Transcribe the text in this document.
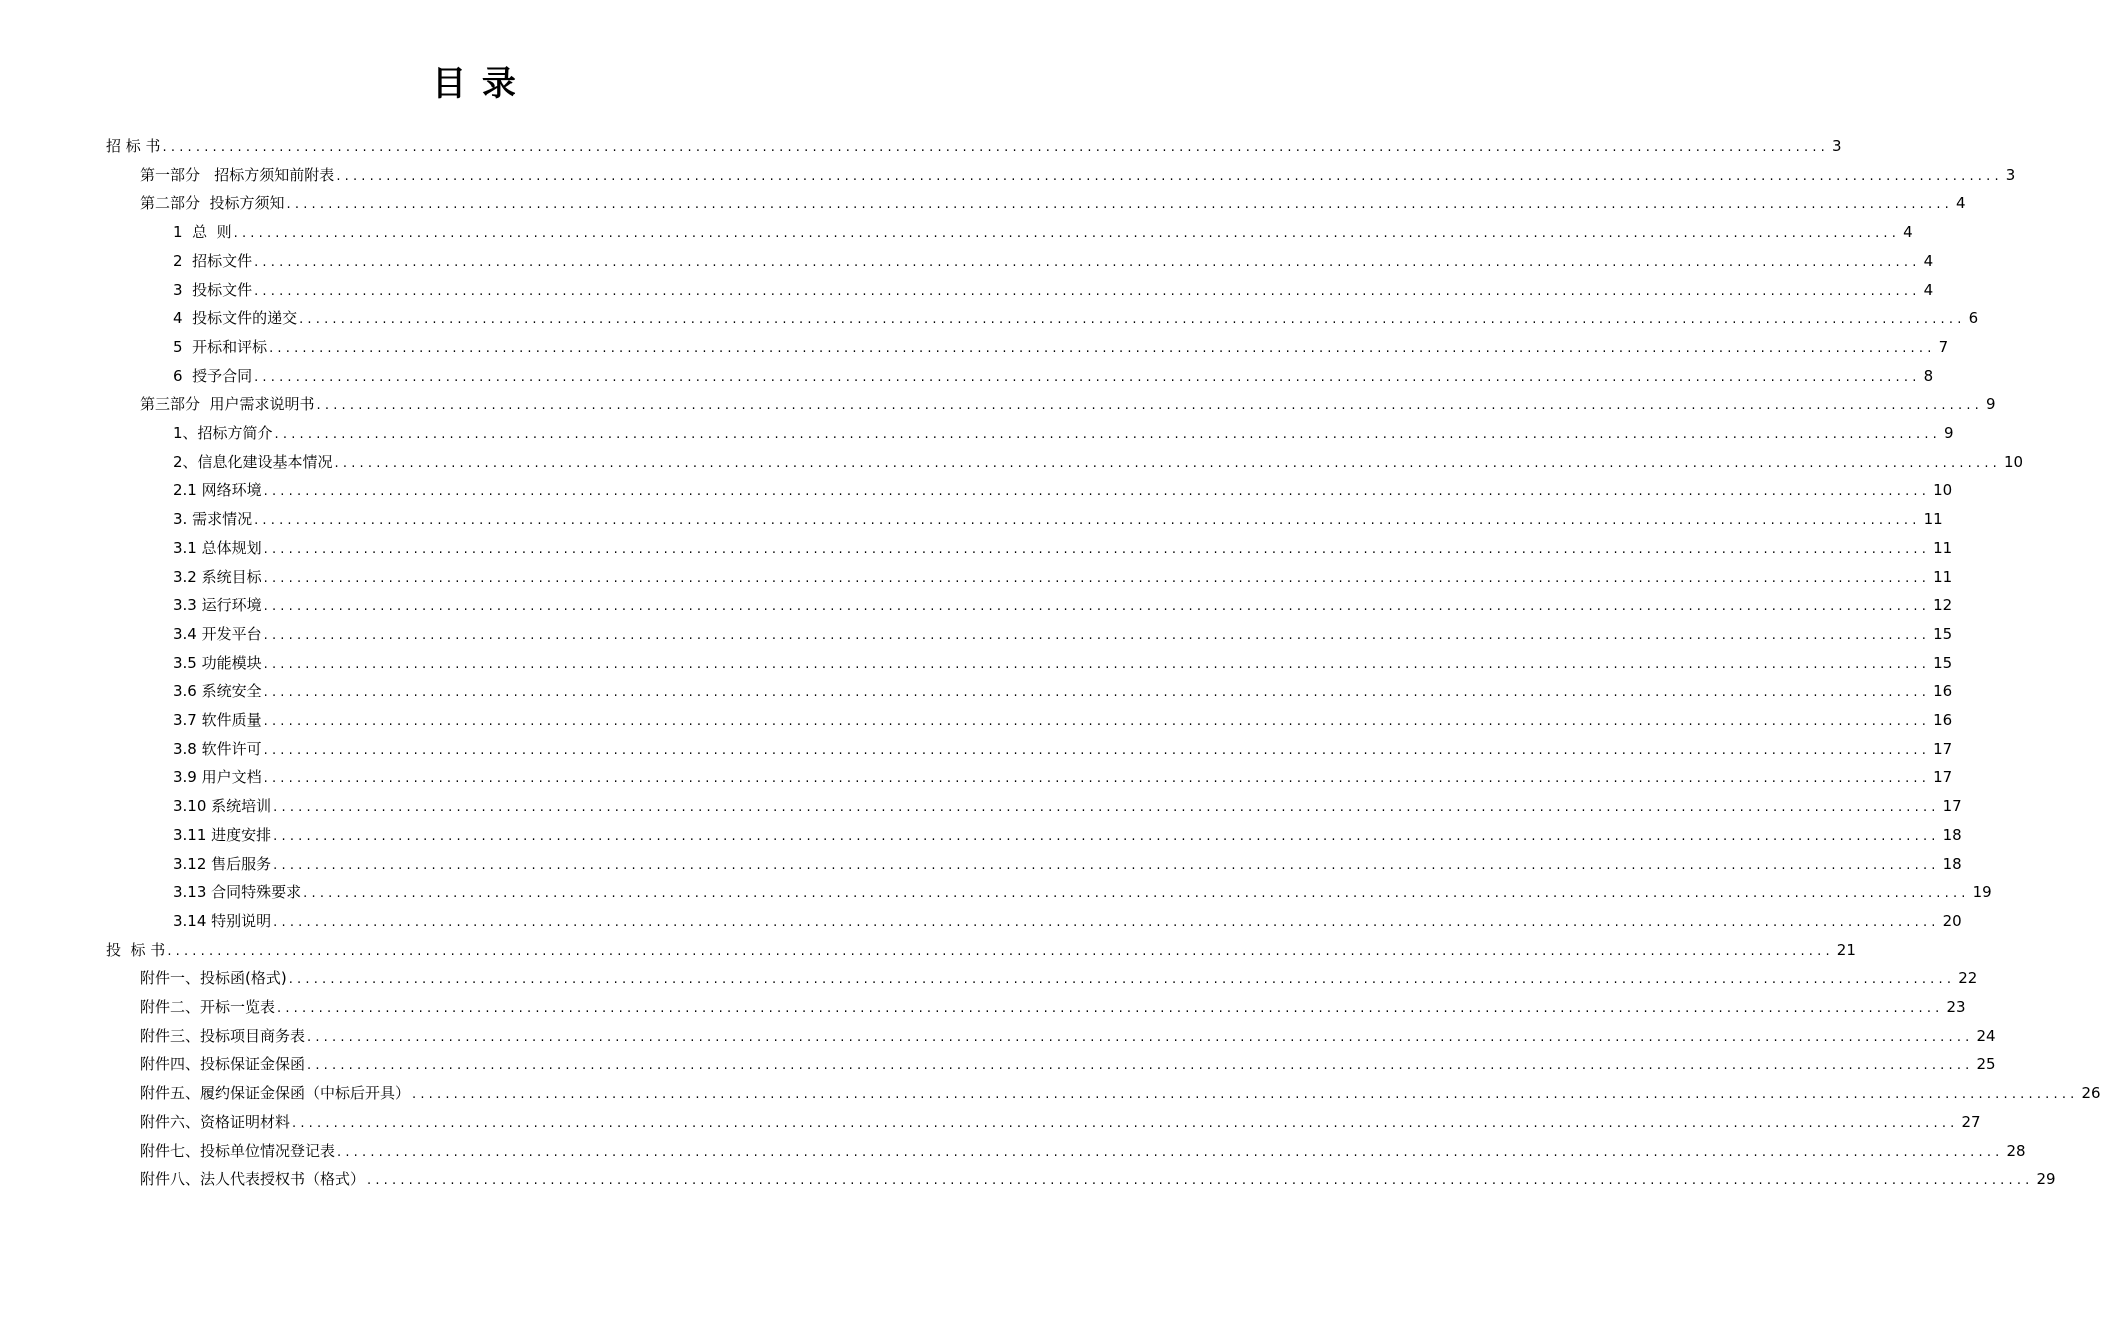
目 录
招 标 书 ........................................................................................................................................................................................................ 3
第一部分   招标方须知前附表 ........................................................................................................................................................................................................ 3
第二部分  投标方须知 ........................................................................................................................................................................................................ 4
1  总  则 ........................................................................................................................................................................................................ 4
2  招标文件 ........................................................................................................................................................................................................ 4
3  投标文件 ........................................................................................................................................................................................................ 4
4  投标文件的递交 ........................................................................................................................................................................................................ 6
5  开标和评标 ........................................................................................................................................................................................................ 7
6  授予合同 ........................................................................................................................................................................................................ 8
第三部分  用户需求说明书 ........................................................................................................................................................................................................ 9
1、招标方简介 ........................................................................................................................................................................................................ 9
2、信息化建设基本情况 ........................................................................................................................................................................................................ 10
2.1 网络环境 ........................................................................................................................................................................................................ 10
3. 需求情况 ........................................................................................................................................................................................................ 11
3.1 总体规划 ........................................................................................................................................................................................................ 11
3.2 系统目标 ........................................................................................................................................................................................................ 11
3.3 运行环境 ........................................................................................................................................................................................................ 12
3.4 开发平台 ........................................................................................................................................................................................................ 15
3.5 功能模块 ........................................................................................................................................................................................................ 15
3.6 系统安全 ........................................................................................................................................................................................................ 16
3.7 软件质量 ........................................................................................................................................................................................................ 16
3.8 软件许可 ........................................................................................................................................................................................................ 17
3.9 用户文档 ........................................................................................................................................................................................................ 17
3.10 系统培训 ........................................................................................................................................................................................................ 17
3.11 进度安排 ........................................................................................................................................................................................................ 18
3.12 售后服务 ........................................................................................................................................................................................................ 18
3.13 合同特殊要求 ........................................................................................................................................................................................................ 19
3.14 特别说明 ........................................................................................................................................................................................................ 20
投  标 书 ........................................................................................................................................................................................................ 21
附件一、投标函(格式) ........................................................................................................................................................................................................ 22
附件二、开标一览表 ........................................................................................................................................................................................................ 23
附件三、投标项目商务表 ........................................................................................................................................................................................................ 24
附件四、投标保证金保函 ........................................................................................................................................................................................................ 25
附件五、履约保证金保函（中标后开具） ........................................................................................................................................................................................................ 26
附件六、资格证明材料 ........................................................................................................................................................................................................ 27
附件七、投标单位情况登记表 ........................................................................................................................................................................................................ 28
附件八、法人代表授权书（格式） ........................................................................................................................................................................................................ 29
